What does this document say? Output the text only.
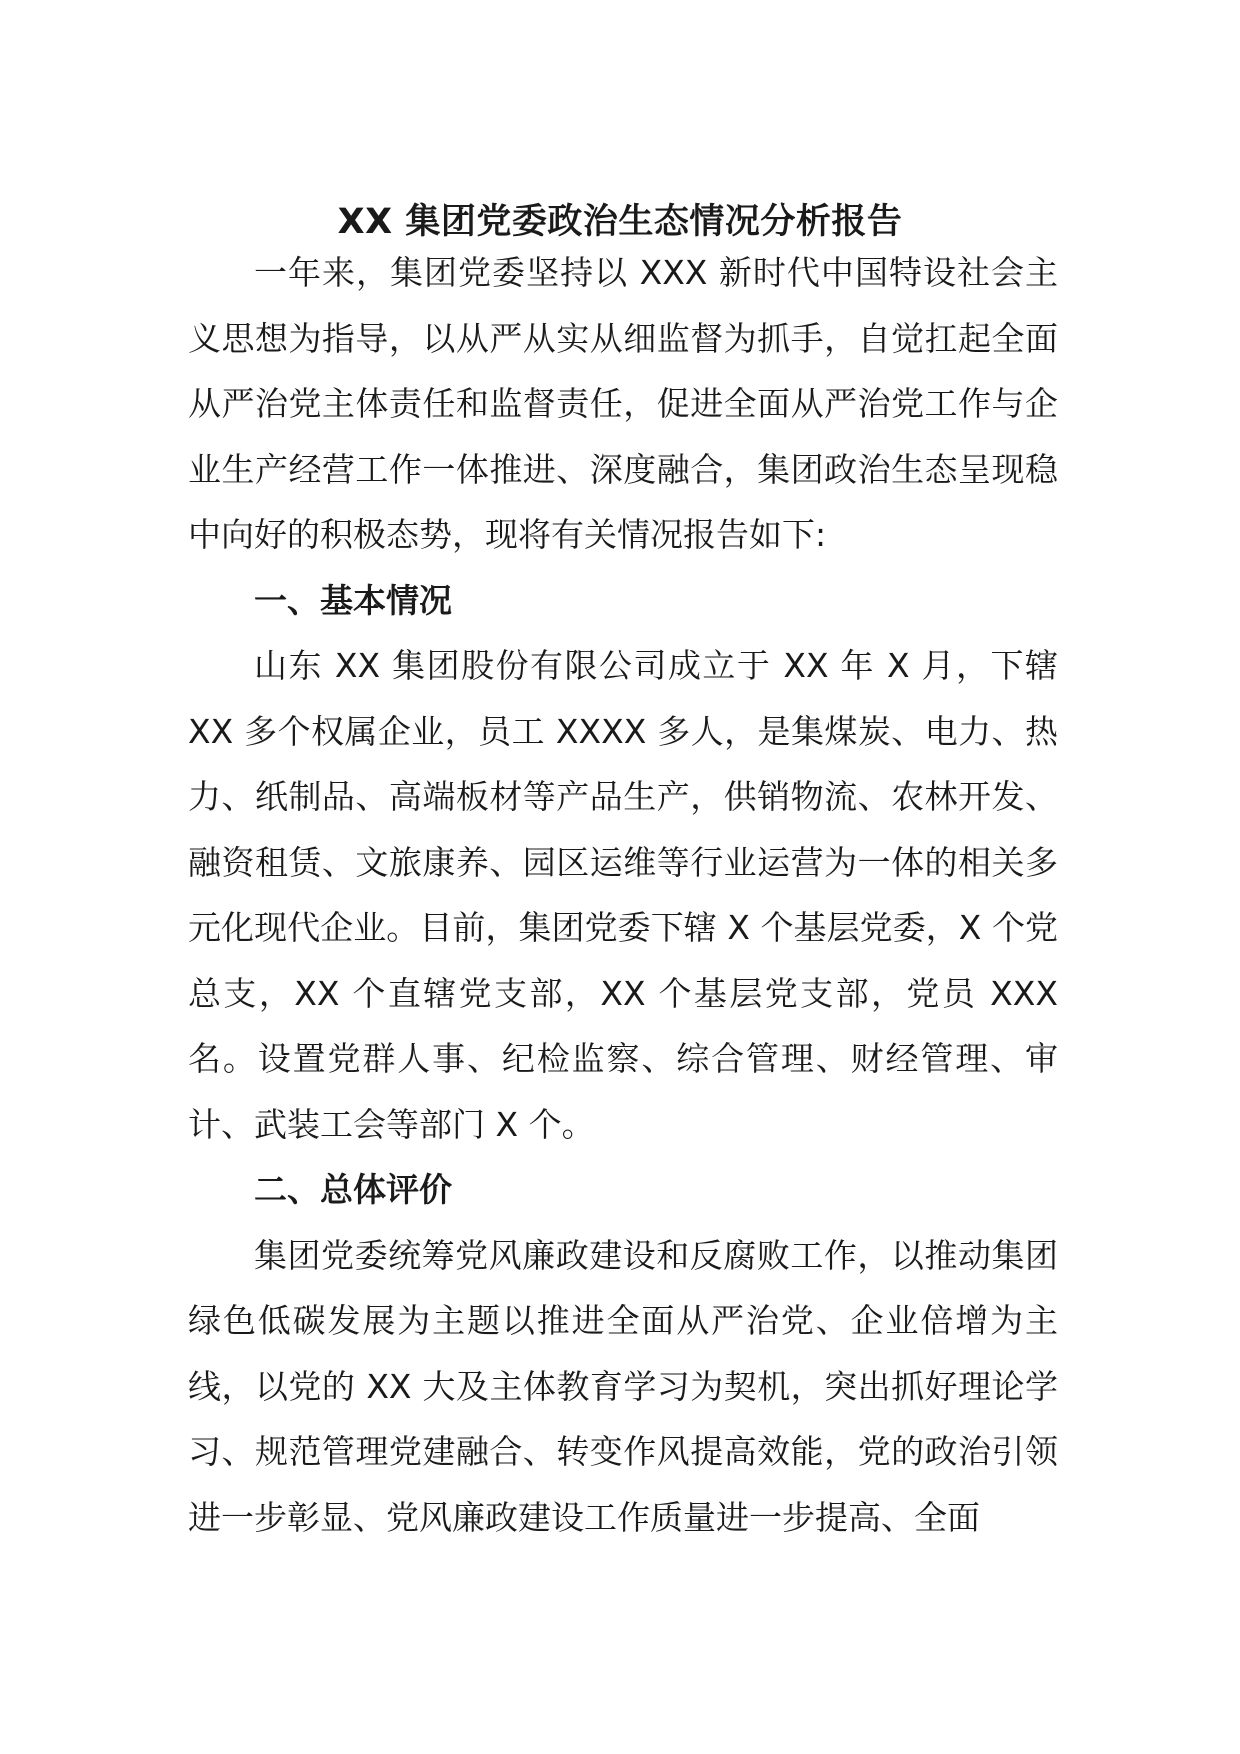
XX 集团党委政治生态情况分析报告

一年来，集团党委坚持以 XXX 新时代中国特设社会主义思想为指导，以从严从实从细监督为抓手，自觉扛起全面从严治党主体责任和监督责任，促进全面从严治党工作与企业生产经营工作一体推进、深度融合，集团政治生态呈现稳中向好的积极态势，现将有关情况报告如下:

一、基本情况

山东 XX 集团股份有限公司成立于 XX 年 X 月，下辖 XX 多个权属企业，员工 XXXX 多人，是集煤炭、电力、热力、纸制品、高端板材等产品生产，供销物流、农林开发、融资租赁、文旅康养、园区运维等行业运营为一体的相关多元化现代企业。目前，集团党委下辖 X 个基层党委，X 个党总支，XX 个直辖党支部，XX 个基层党支部，党员 XXX 名。设置党群人事、纪检监察、综合管理、财经管理、审计、武装工会等部门 X 个。

二、总体评价

集团党委统筹党风廉政建设和反腐败工作，以推动集团绿色低碳发展为主题以推进全面从严治党、企业倍增为主线，以党的 XX 大及主体教育学习为契机，突出抓好理论学习、规范管理党建融合、转变作风提高效能，党的政治引领进一步彰显、党风廉政建设工作质量进一步提高、全面
